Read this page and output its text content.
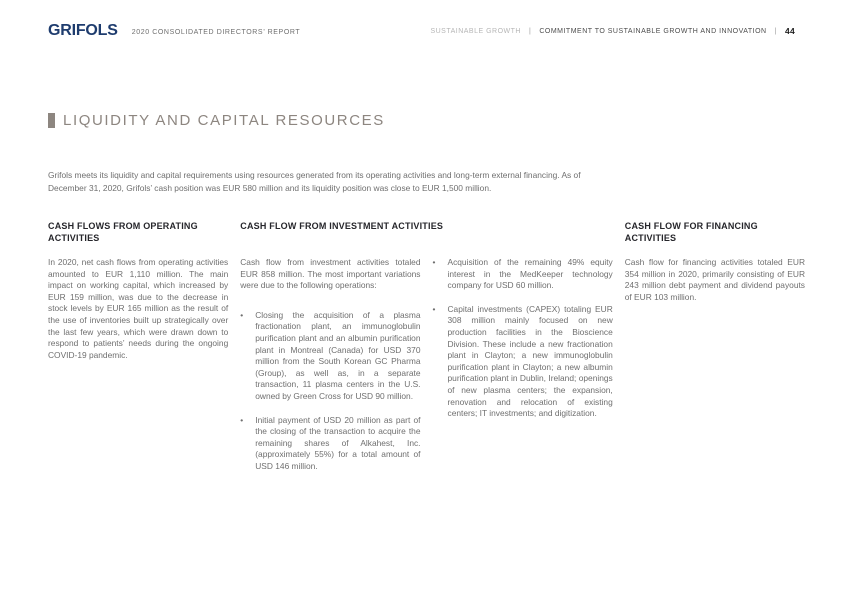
GRIFOLS 2020 CONSOLIDATED DIRECTORS’ REPORT	SUSTAINABLE GROWTH | COMMITMENT TO SUSTAINABLE GROWTH AND INNOVATION | 44
LIQUIDITY AND CAPITAL RESOURCES

Grifols meets its liquidity and capital requirements using resources generated from its operating activities and long-term external financing. As of December 31, 2020, Grifols’ cash position was EUR 580 million and its liquidity position was close to EUR 1,500 million.

CASH FLOWS FROM OPERATING ACTIVITIES
CASH FLOW FROM INVESTMENT ACTIVITIES	CASH FLOW FOR FINANCING ACTIVITIES
In 2020, net cash flows from operating activities amounted to EUR 1,110 million. The main impact on working capital, which increased by EUR 159 million, was due to the decrease in stock levels by EUR 165 million as the result of the use of inventories built up strategically over the last few years, which were drawn down to respond to patients’ needs during the ongoing COVID-19 pandemic.

Cash flow from investment activities totaled EUR 858 million. The most important variations were due to the following operations:

•	Closing the acquisition of a plasma fractionation plant, an immunoglobulin purification plant and an albumin purification plant in Montreal (Canada) for USD 370 million from the South Korean GC Pharma (Group), as well as, in a separate transaction, 11 plasma centers in the U.S. owned by Green Cross for USD 90 million.
•	Initial payment of USD 20 million as part of the closing of the transaction to acquire the remaining shares of Alkahest, Inc. (approximately 55%) for a total amount of USD 146 million.
•	Acquisition of the remaining 49% equity interest in the MedKeeper technology company for USD 60 million.
•	Capital investments (CAPEX) totaling EUR 308 million mainly focused on new production facilities in the Bioscience Division. These include a new fractionation plant in Clayton; a new immunoglobulin purification plant in Clayton; a new albumin purification plant in Dublin, Ireland; openings of new plasma centers; the expansion, renovation and relocation of existing centers; IT investments; and digitization.
Cash flow for financing activities totaled EUR 354 million in 2020, primarily consisting of EUR 243 million debt payment and dividend payouts of EUR 103 million.
